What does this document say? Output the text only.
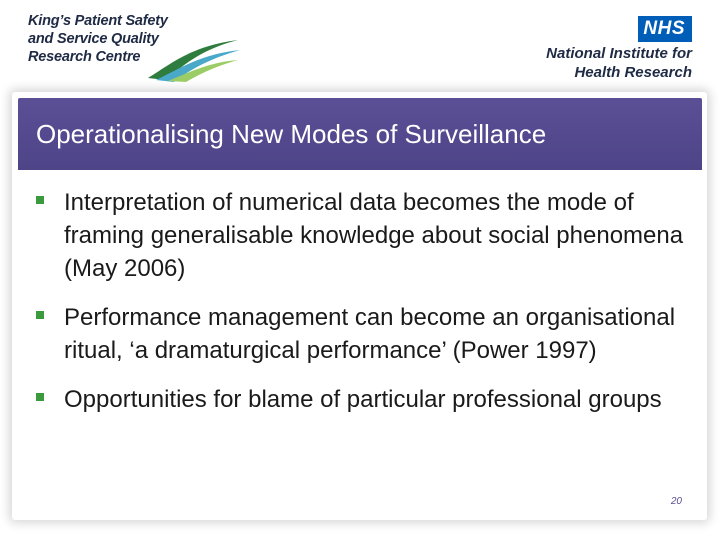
King’s Patient Safety
and Service Quality
Research Centre
NHS
National Institute for
Health Research
Operationalising New Modes of Surveillance
Interpretation of numerical data becomes the mode of framing generalisable knowledge about social phenomena (May 2006)
Performance management can become an organisational ritual, ‘a dramaturgical performance’ (Power 1997)
Opportunities for blame of particular professional groups
20
